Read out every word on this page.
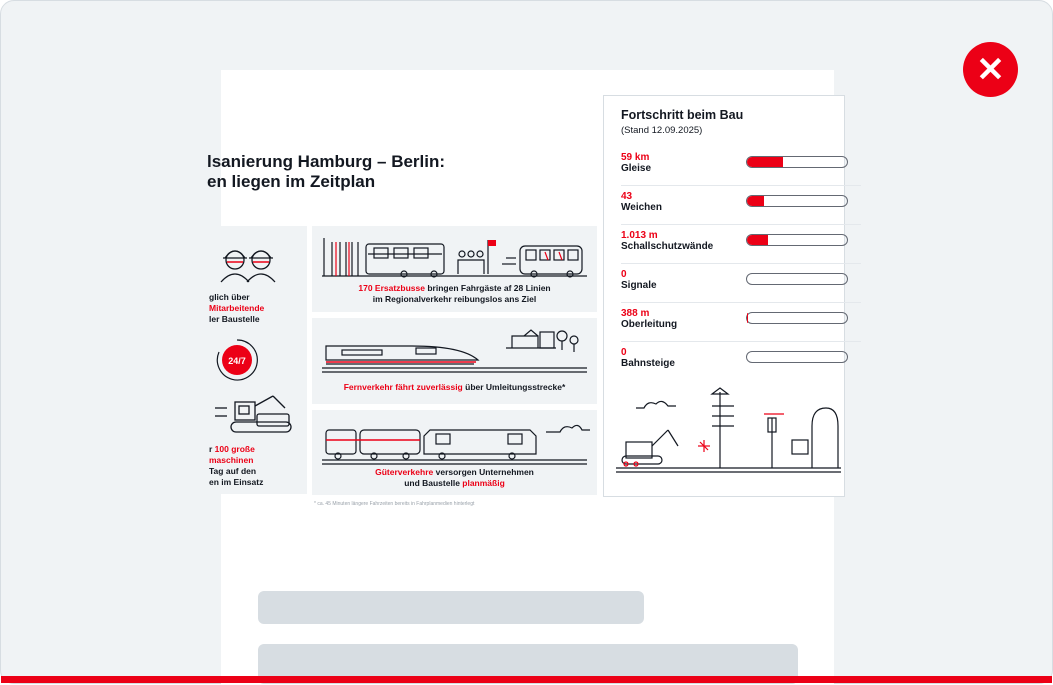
✕
lsanierung Hamburg – Berlin:
en liegen im Zeitplan
glich über
Mitarbeitende
ler Baustelle
24/7
r 100 große
maschinen
Tag auf den
en im Einsatz
170 Ersatzbusse bringen Fahrgäste af 28 Linien
im Regionalverkehr reibungslos ans Ziel
Fernverkehr fährt zuverlässig über Umleitungsstrecke*
Güterverkehre versorgen Unternehmen
und Baustelle planmäßig
* ca. 45 Minuten längere Fahrzeiten bereits in Fahrplanmedien hinterlegt
Fortschritt beim Bau
(Stand 12.09.2025)
59 km
Gleise
43
Weichen
1.013 m
Schallschutzwände
0
Signale
388 m
Oberleitung
0
Bahnsteige
